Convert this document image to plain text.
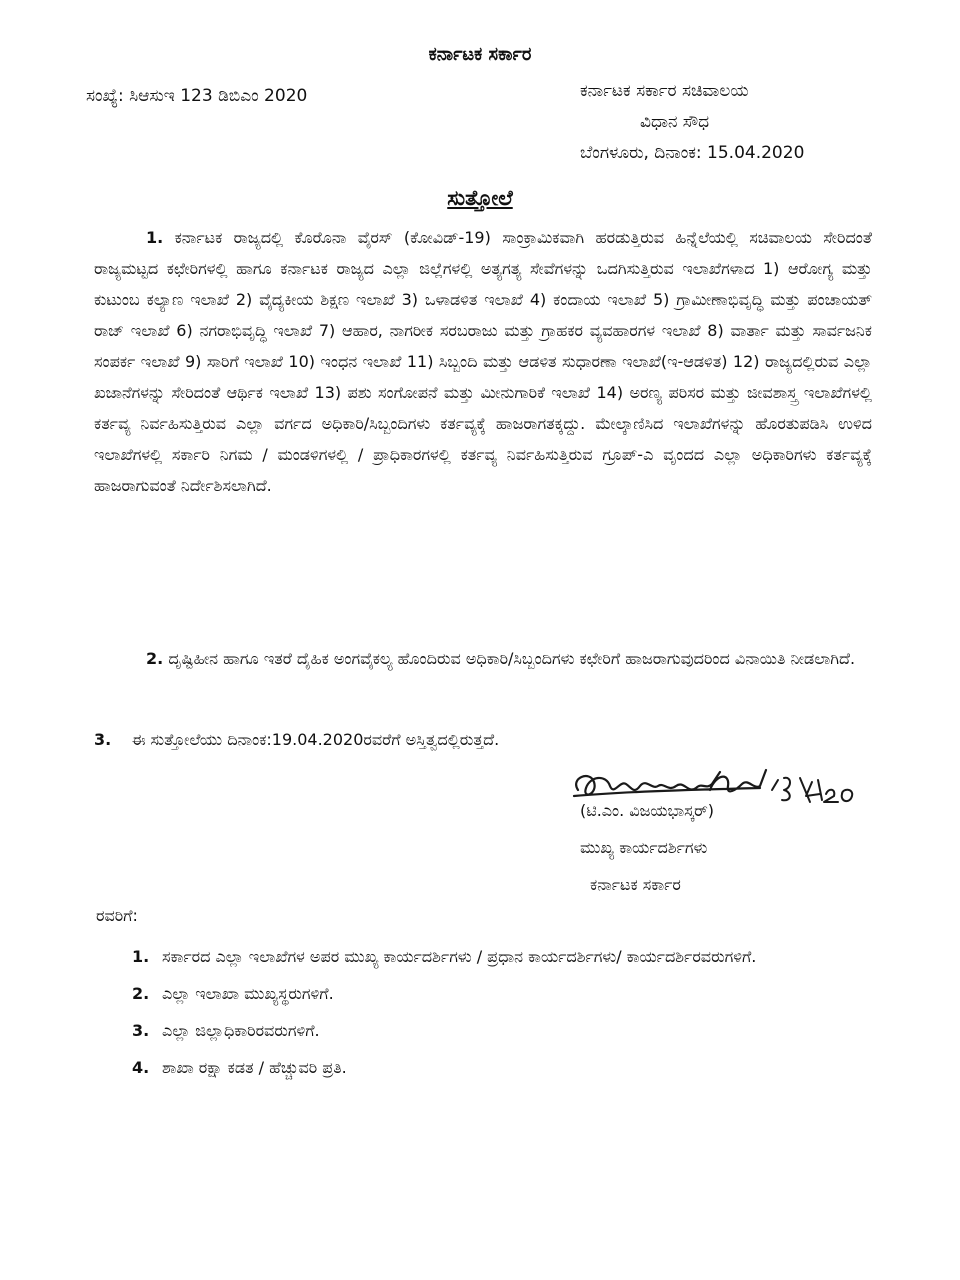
ಕರ್ನಾಟಕ ಸರ್ಕಾರ
ಸಂಖ್ಯೆ: ಸಿಆಸುಇ 123 ಡಿಬಿಎಂ 2020	ಕರ್ನಾಟಕ ಸರ್ಕಾರ ಸಚಿವಾಲಯ
ವಿಧಾನ ಸೌಧ
ಬೆಂಗಳೂರು, ದಿನಾಂಕ: 15.04.2020
ಸುತ್ತೋಲೆ

1. ಕರ್ನಾಟಕ ರಾಜ್ಯದಲ್ಲಿ ಕೊರೊನಾ ವೈರಸ್ (ಕೋವಿಡ್-19) ಸಾಂಕ್ರಾಮಿಕವಾಗಿ ಹರಡುತ್ತಿರುವ ಹಿನ್ನೆಲೆಯಲ್ಲಿ ಸಚಿವಾಲಯ ಸೇರಿದಂತೆ ರಾಜ್ಯಮಟ್ಟದ ಕಛೇರಿಗಳಲ್ಲಿ ಹಾಗೂ ಕರ್ನಾಟಕ ರಾಜ್ಯದ ಎಲ್ಲಾ ಜಿಲ್ಲೆಗಳಲ್ಲಿ ಅತ್ಯಗತ್ಯ ಸೇವೆಗಳನ್ನು ಒದಗಿಸುತ್ತಿರುವ ಇಲಾಖೆಗಳಾದ 1) ಆರೋಗ್ಯ ಮತ್ತು ಕುಟುಂಬ ಕಲ್ಯಾಣ ಇಲಾಖೆ 2) ವೈದ್ಯಕೀಯ ಶಿಕ್ಷಣ ಇಲಾಖೆ 3) ಒಳಾಡಳಿತ ಇಲಾಖೆ 4) ಕಂದಾಯ ಇಲಾಖೆ 5) ಗ್ರಾಮೀಣಾಭಿವೃದ್ಧಿ ಮತ್ತು ಪಂಚಾಯತ್ ರಾಜ್ ಇಲಾಖೆ 6) ನಗರಾಭಿವೃದ್ಧಿ ಇಲಾಖೆ 7) ಆಹಾರ, ನಾಗರೀಕ ಸರಬರಾಜು ಮತ್ತು ಗ್ರಾಹಕರ ವ್ಯವಹಾರಗಳ ಇಲಾಖೆ 8) ವಾರ್ತಾ ಮತ್ತು ಸಾರ್ವಜನಿಕ ಸಂಪರ್ಕ ಇಲಾಖೆ 9) ಸಾರಿಗೆ ಇಲಾಖೆ 10) ಇಂಧನ ಇಲಾಖೆ 11) ಸಿಬ್ಬಂದಿ ಮತ್ತು ಆಡಳಿತ ಸುಧಾರಣಾ ಇಲಾಖೆ(ಇ-ಆಡಳಿತ) 12) ರಾಜ್ಯದಲ್ಲಿರುವ ಎಲ್ಲಾ ಖಜಾನೆಗಳನ್ನು ಸೇರಿದಂತೆ ಆರ್ಥಿಕ ಇಲಾಖೆ 13) ಪಶು ಸಂಗೋಪನೆ ಮತ್ತು ಮೀನುಗಾರಿಕೆ ಇಲಾಖೆ 14) ಅರಣ್ಯ ಪರಿಸರ ಮತ್ತು ಜೀವಶಾಸ್ತ್ರ ಇಲಾಖೆಗಳಲ್ಲಿ ಕರ್ತವ್ಯ ನಿರ್ವಹಿಸುತ್ತಿರುವ ಎಲ್ಲಾ ವರ್ಗದ ಅಧಿಕಾರಿ/ಸಿಬ್ಬಂದಿಗಳು ಕರ್ತವ್ಯಕ್ಕೆ ಹಾಜರಾಗತಕ್ಕದ್ದು. ಮೇಲ್ಕಾಣಿಸಿದ ಇಲಾಖೆಗಳನ್ನು ಹೊರತುಪಡಿಸಿ ಉಳಿದ ಇಲಾಖೆಗಳಲ್ಲಿ ಸರ್ಕಾರಿ ನಿಗಮ / ಮಂಡಳಿಗಳಲ್ಲಿ / ಪ್ರಾಧಿಕಾರಗಳಲ್ಲಿ ಕರ್ತವ್ಯ ನಿರ್ವಹಿಸುತ್ತಿರುವ ಗ್ರೂಪ್-ಎ ವೃಂದದ ಎಲ್ಲಾ ಅಧಿಕಾರಿಗಳು ಕರ್ತವ್ಯಕ್ಕೆ ಹಾಜರಾಗುವಂತೆ ನಿರ್ದೇಶಿಸಲಾಗಿದೆ.

2. ದೃಷ್ಟಿಹೀನ ಹಾಗೂ ಇತರೆ ದೈಹಿಕ ಅಂಗವೈಕಲ್ಯ ಹೊಂದಿರುವ ಅಧಿಕಾರಿ/ಸಿಬ್ಬಂದಿಗಳು ಕಛೇರಿಗೆ ಹಾಜರಾಗುವುದರಿಂದ ವಿನಾಯಿತಿ ನೀಡಲಾಗಿದೆ.

3. ಈ ಸುತ್ತೋಲೆಯು ದಿನಾಂಕ:19.04.2020ರವರೆಗೆ ಅಸ್ತಿತ್ವದಲ್ಲಿರುತ್ತದೆ.
(ಟಿ.ಎಂ. ವಿಜಯಭಾಸ್ಕರ್)
ಮುಖ್ಯ ಕಾರ್ಯದರ್ಶಿಗಳು
ಕರ್ನಾಟಕ ಸರ್ಕಾರ
ರವರಿಗೆ:
1. ಸರ್ಕಾರದ ಎಲ್ಲಾ ಇಲಾಖೆಗಳ ಅಪರ ಮುಖ್ಯ ಕಾರ್ಯದರ್ಶಿಗಳು / ಪ್ರಧಾನ ಕಾರ್ಯದರ್ಶಿಗಳು/ ಕಾರ್ಯದರ್ಶಿರವರುಗಳಿಗೆ.
2. ಎಲ್ಲಾ ಇಲಾಖಾ ಮುಖ್ಯಸ್ಥರುಗಳಿಗೆ.
3. ಎಲ್ಲಾ ಜಿಲ್ಲಾಧಿಕಾರಿರವರುಗಳಿಗೆ.
4. ಶಾಖಾ ರಕ್ಷಾ ಕಡತ / ಹೆಚ್ಚುವರಿ ಪ್ರತಿ.
